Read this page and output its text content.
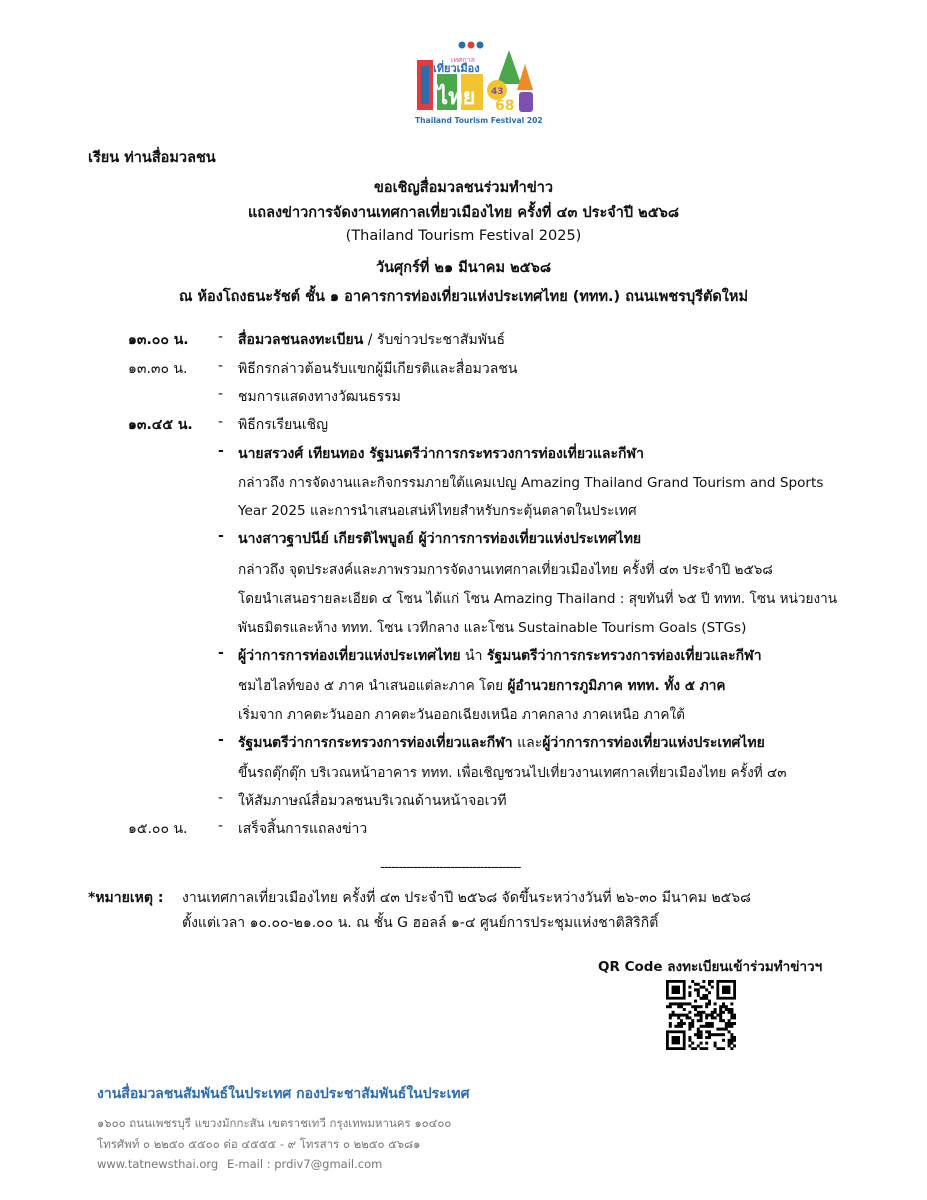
เทศกาล
เที่ยวเมือง
ไทย 43
68
Thailand Tourism Festival 2025
เรียน ท่านสื่อมวลชน
ขอเชิญสื่อมวลชนร่วมทำข่าว
แถลงข่าวการจัดงานเทศกาลเที่ยวเมืองไทย ครั้งที่ ๔๓ ประจำปี ๒๕๖๘
(Thailand Tourism Festival 2025)
วันศุกร์ที่ ๒๑ มีนาคม ๒๕๖๘
ณ ห้องโถงธนะรัชต์ ชั้น ๑ อาคารการท่องเที่ยวแห่งประเทศไทย (ททท.) ถนนเพชรบุรีตัดใหม่
๑๓.๐๐ น. - สื่อมวลชนลงทะเบียน / รับข่าวประชาสัมพันธ์
๑๓.๓๐ น. - พิธีกรกล่าวต้อนรับแขกผู้มีเกียรติและสื่อมวลชน
- ชมการแสดงทางวัฒนธรรม
๑๓.๔๕ น. - พิธีกรเรียนเชิญ
- นายสรวงศ์ เทียนทอง รัฐมนตรีว่าการกระทรวงการท่องเที่ยวและกีฬา
กล่าวถึง การจัดงานและกิจกรรมภายใต้แคมเปญ Amazing Thailand Grand Tourism and Sports
Year 2025 และการนำเสนอเสน่ห์ไทยสำหรับกระตุ้นตลาดในประเทศ
- นางสาวฐาปนีย์ เกียรติไพบูลย์ ผู้ว่าการการท่องเที่ยวแห่งประเทศไทย
กล่าวถึง จุดประสงค์และภาพรวมการจัดงานเทศกาลเที่ยวเมืองไทย ครั้งที่ ๔๓ ประจำปี ๒๕๖๘
โดยนำเสนอรายละเอียด ๔ โซน ได้แก่ โซน Amazing Thailand : สุขทันที่ ๖๕ ปี ททท. โซน หน่วยงาน
พันธมิตรและห้าง ททท. โซน เวทีกลาง และโซน Sustainable Tourism Goals (STGs)
- ผู้ว่าการการท่องเที่ยวแห่งประเทศไทย นำ รัฐมนตรีว่าการกระทรวงการท่องเที่ยวและกีฬา
ชมไฮไลท์ของ ๕ ภาค นำเสนอแต่ละภาค โดย ผู้อำนวยการภูมิภาค ททท. ทั้ง ๕ ภาค
เริ่มจาก ภาคตะวันออก ภาคตะวันออกเฉียงเหนือ ภาคกลาง ภาคเหนือ ภาคใต้
- รัฐมนตรีว่าการกระทรวงการท่องเที่ยวและกีฬา และผู้ว่าการการท่องเที่ยวแห่งประเทศไทย
ขึ้นรถตุ๊กตุ๊ก บริเวณหน้าอาคาร ททท. เพื่อเชิญชวนไปเที่ยวงานเทศกาลเที่ยวเมืองไทย ครั้งที่ ๔๓
- ให้สัมภาษณ์สื่อมวลชนบริเวณด้านหน้าจอเวที
๑๕.๐๐ น. - เสร็จสิ้นการแถลงข่าว
--------------------------------------
*หมายเหตุ : งานเทศกาลเที่ยวเมืองไทย ครั้งที่ ๔๓ ประจำปี ๒๕๖๘ จัดขึ้นระหว่างวันที่ ๒๖-๓๐ มีนาคม ๒๕๖๘
ตั้งแต่เวลา ๑๐.๐๐-๒๑.๐๐ น. ณ ชั้น G ฮอลล์ ๑-๔ ศูนย์การประชุมแห่งชาติสิริกิติ์
QR Code ลงทะเบียนเข้าร่วมทำข่าวฯ
งานสื่อมวลชนสัมพันธ์ในประเทศ กองประชาสัมพันธ์ในประเทศ
๑๖๐๐ ถนนเพชรบุรี แขวงมักกะสัน เขตราชเทวี กรุงเทพมหานคร ๑๐๔๐๐
โทรศัพท์ ๐ ๒๒๕๐ ๕๕๐๐ ต่อ ๔๕๕๕ - ๙ โทรสาร ๐ ๒๒๕๐ ๕๖๘๑
www.tatnewsthai.org E-mail : prdiv7@gmail.com
